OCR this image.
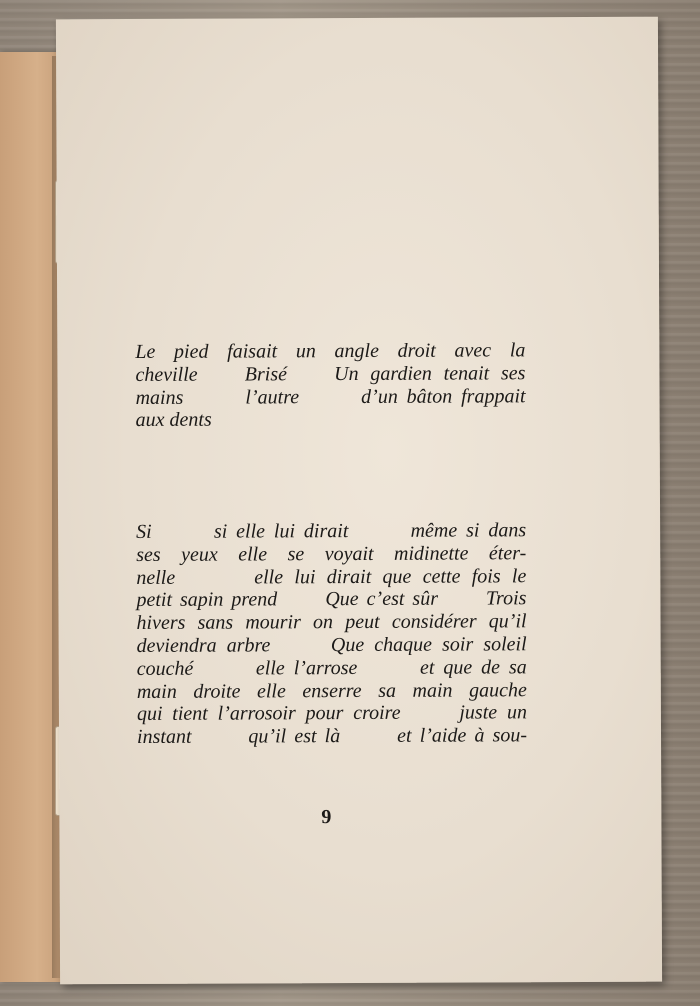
Le pied faisait un angle droit avec la
cheville    Brisé    Un gardien tenait ses
mains       l’autre       d’un bâton frappait
aux dents

Si       si elle lui dirait       même si dans
ses yeux elle se voyait midinette éter-
nelle       elle lui dirait que cette fois le
petit sapin prend      Que c’est sûr      Trois
hivers sans mourir on peut considérer qu’il
deviendra arbre      Que chaque soir soleil
couché       elle l’arrose       et que de sa
main droite elle enserre sa main gauche
qui tient l’arrosoir pour croire      juste un
instant       qu’il est là       et l’aide à sou-

9
